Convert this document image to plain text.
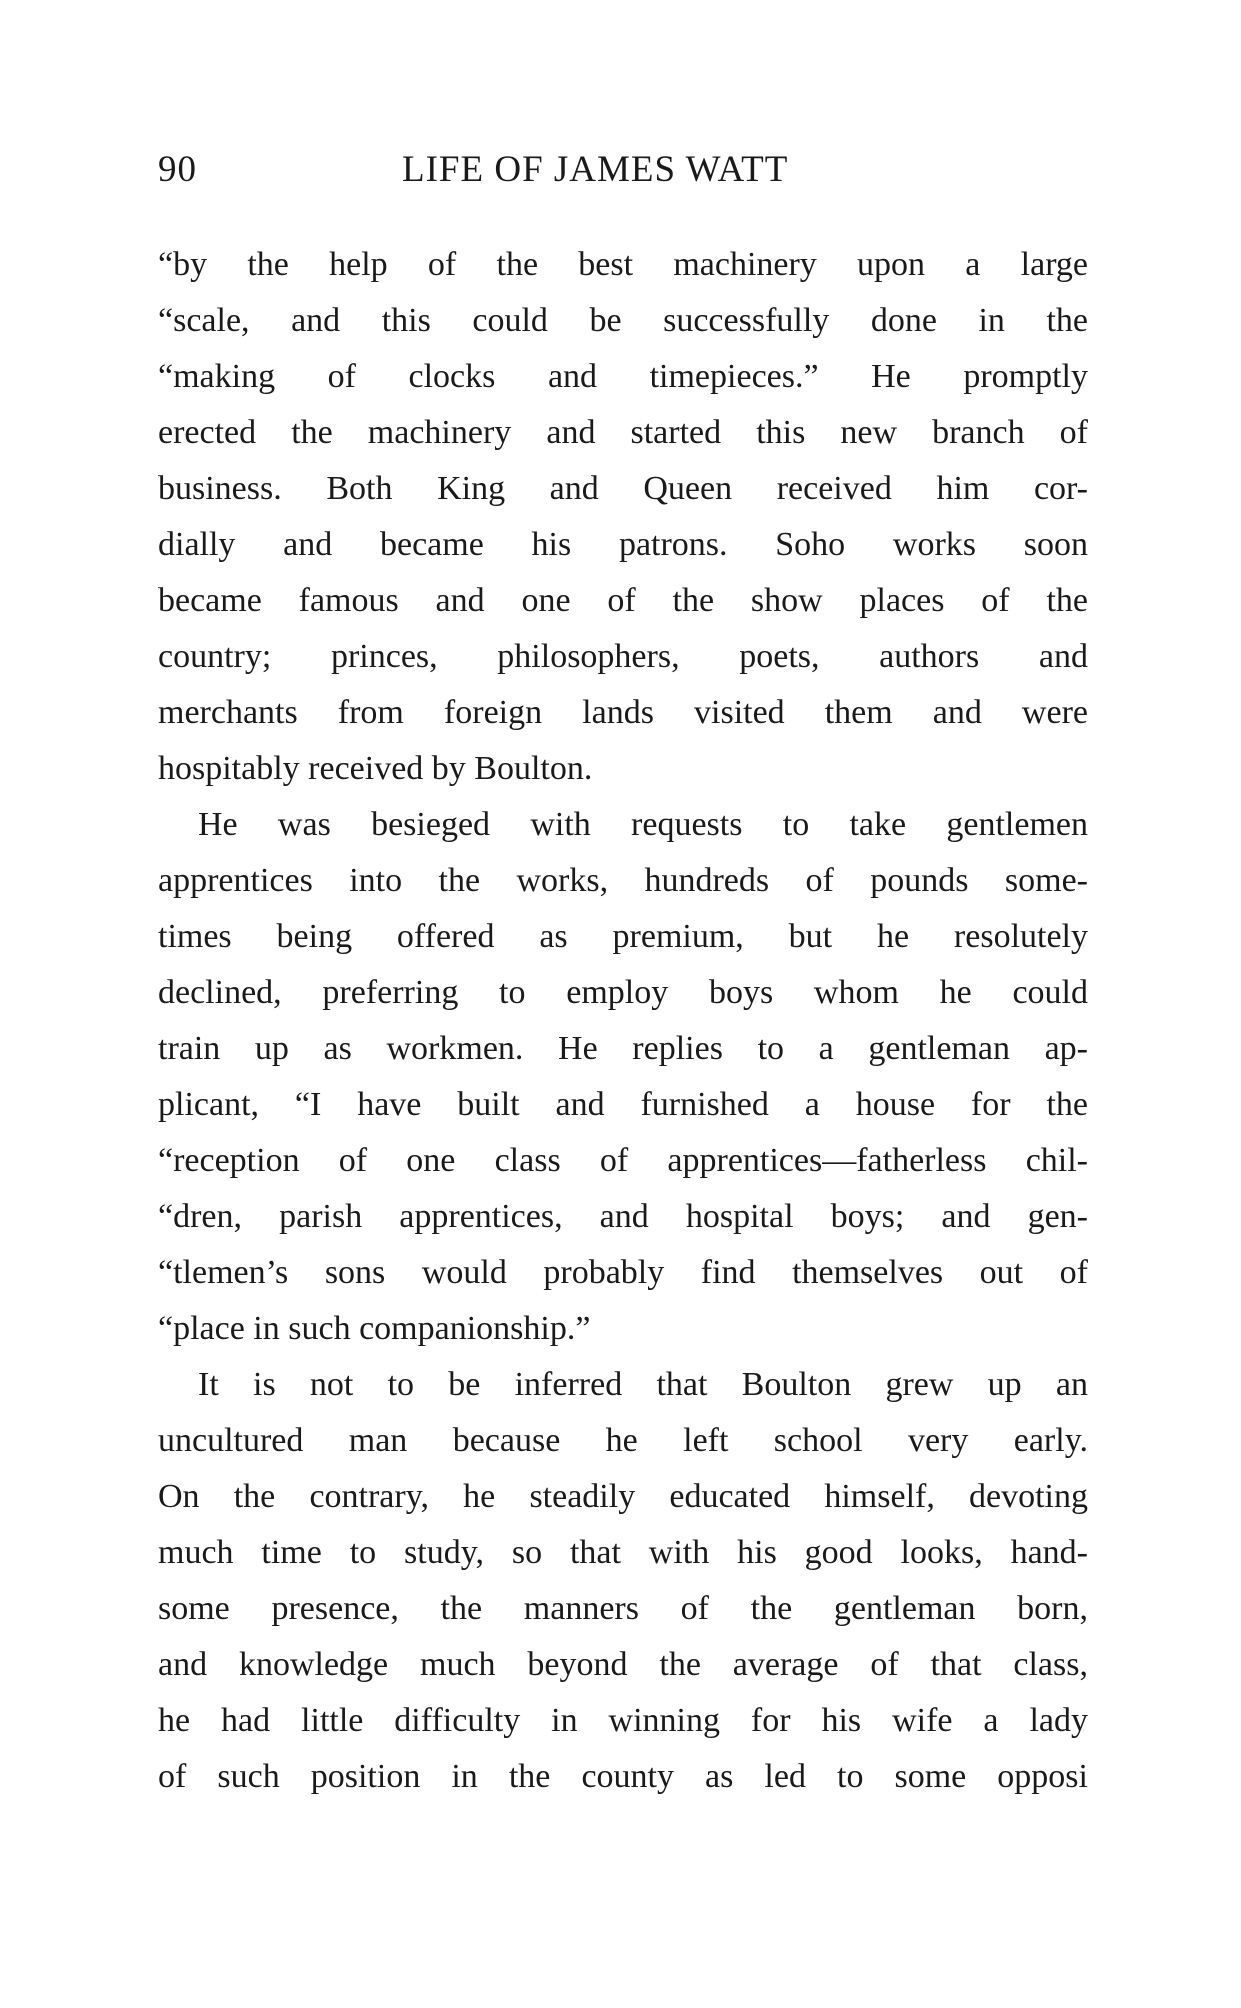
90	LIFE OF JAMES WATT
“by the help of the best machinery upon a large
“scale, and this could be successfully done in the
“making of clocks and timepieces.” He promptly
erected the machinery and started this new branch of
business. Both King and Queen received him cor-
dially and became his patrons. Soho works soon
became famous and one of the show places of the
country; princes, philosophers, poets, authors and
merchants from foreign lands visited them and were
hospitably received by Boulton.
He was besieged with requests to take gentlemen
apprentices into the works, hundreds of pounds some-
times being offered as premium, but he resolutely
declined, preferring to employ boys whom he could
train up as workmen. He replies to a gentleman ap-
plicant, “I have built and furnished a house for the
“reception of one class of apprentices—fatherless chil-
“dren, parish apprentices, and hospital boys; and gen-
“tlemen’s sons would probably find themselves out of
“place in such companionship.”
It is not to be inferred that Boulton grew up an
uncultured man because he left school very early.
On the contrary, he steadily educated himself, devoting
much time to study, so that with his good looks, hand-
some presence, the manners of the gentleman born,
and knowledge much beyond the average of that class,
he had little difficulty in winning for his wife a lady
of such position in the county as led to some opposi
